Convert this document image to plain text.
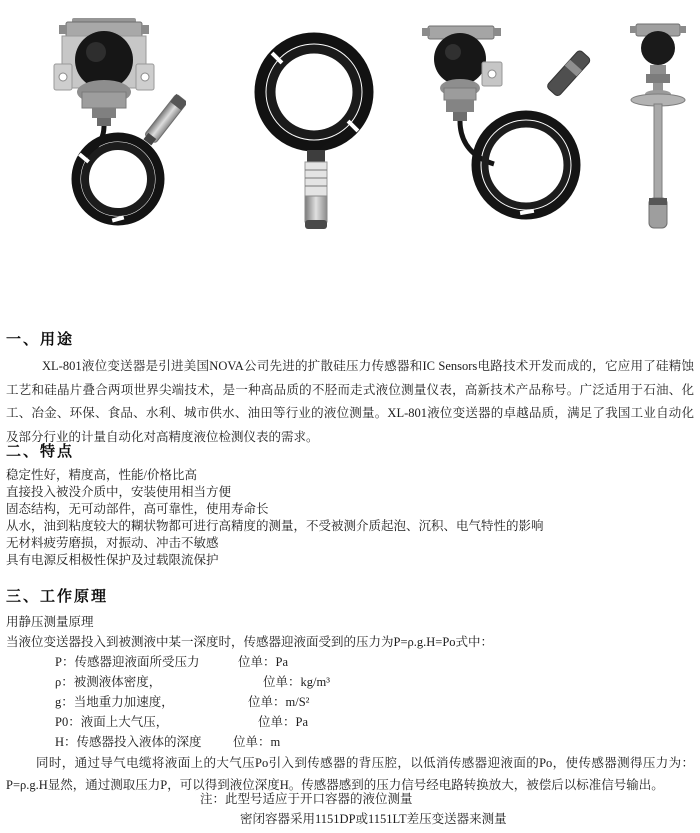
一、用途

XL-801液位变送器是引进美国NOVA公司先进的扩散硅压力传感器和IC Sensors电路技术开发而成的，它应用了硅精蚀工艺和硅晶片叠合两项世界尖端技术，是一种高品质的不胫而走式液位测量仪表，高新技术产品称号。广泛适用于石油、化工、冶金、环保、食品、水利、城市供水、油田等行业的液位测量。XL-801液位变送器的卓越品质，满足了我国工业自动化及部分行业的计量自动化对高精度液位检测仪表的需求。

二、特点

稳定性好，精度高，性能/价格比高

直接投入被没介质中，安装使用相当方便

固态结构，无可动部件，高可靠性，使用寿命长

从水，油到粘度较大的糊状物都可进行高精度的测量，不受被测介质起泡、沉积、电气特性的影响

无材料疲劳磨损，对振动、冲击不敏感

具有电源反相极性保护及过载限流保护

三、工作原理

用静压测量原理

当液位变送器投入到被测液中某一深度时，传感器迎液面受到的压力为P=ρ.g.H=Po式中：

P：传感器迎液面所受压力	位单：Pa
ρ：被测液体密度，	位单：kg/m³
g：当地重力加速度，	位单：m/S²
P0：液面上大气压，	位单：Pa
H：传感器投入液体的深度	位单：m

同时，通过导气电缆将液面上的大气压Po引入到传感器的背压腔，以低消传感器迎液面的Po，使传感器测得压力为：P=ρ.g.H显然，通过测取压力P，可以得到液位深度H。传感器感到的压力信号经电路转换放大，被偿后以标准信号输出。

注：此型号适应于开口容器的液位测量

密闭容器采用1151DP或1151LT差压变送器来测量
